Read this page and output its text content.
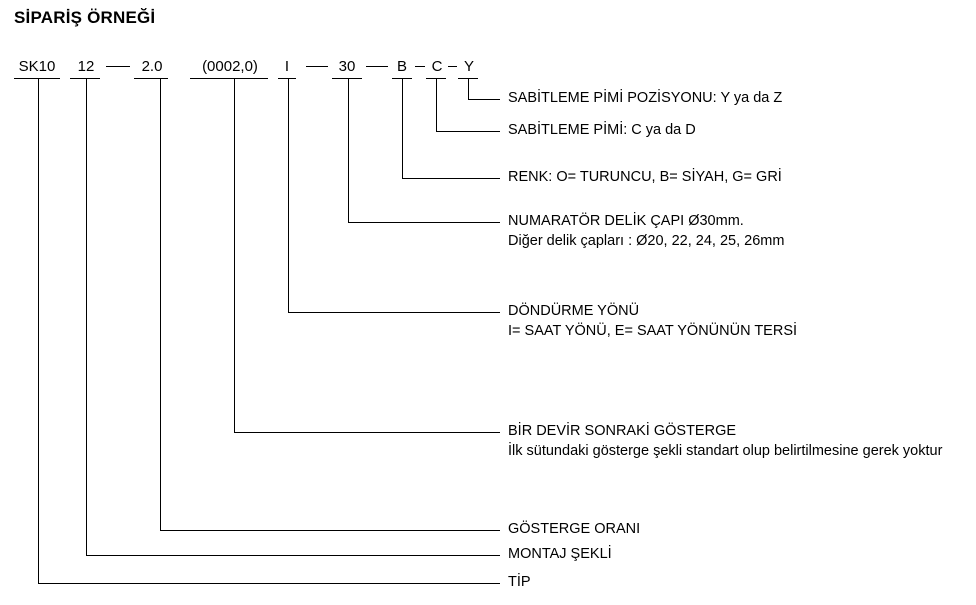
SİPARİŞ ÖRNEĞİ
SK10	12	2.0	(0002,0)	I	30	B C Y
SABİTLEME PİMİ POZİSYONU: Y ya da Z
SABİTLEME PİMİ: C ya da D
RENK: O= TURUNCU, B= SİYAH, G= GRİ
NUMARATÖR DELİK ÇAPI Ø30mm.
Diğer delik çapları : Ø20, 22, 24, 25, 26mm
DÖNDÜRME YÖNÜ
I= SAAT YÖNÜ, E= SAAT YÖNÜNÜN TERSİ
BİR DEVİR SONRAKİ GÖSTERGE
İlk sütundaki gösterge şekli standart olup belirtilmesine gerek yoktur
GÖSTERGE ORANI
MONTAJ ŞEKLİ
TİP
